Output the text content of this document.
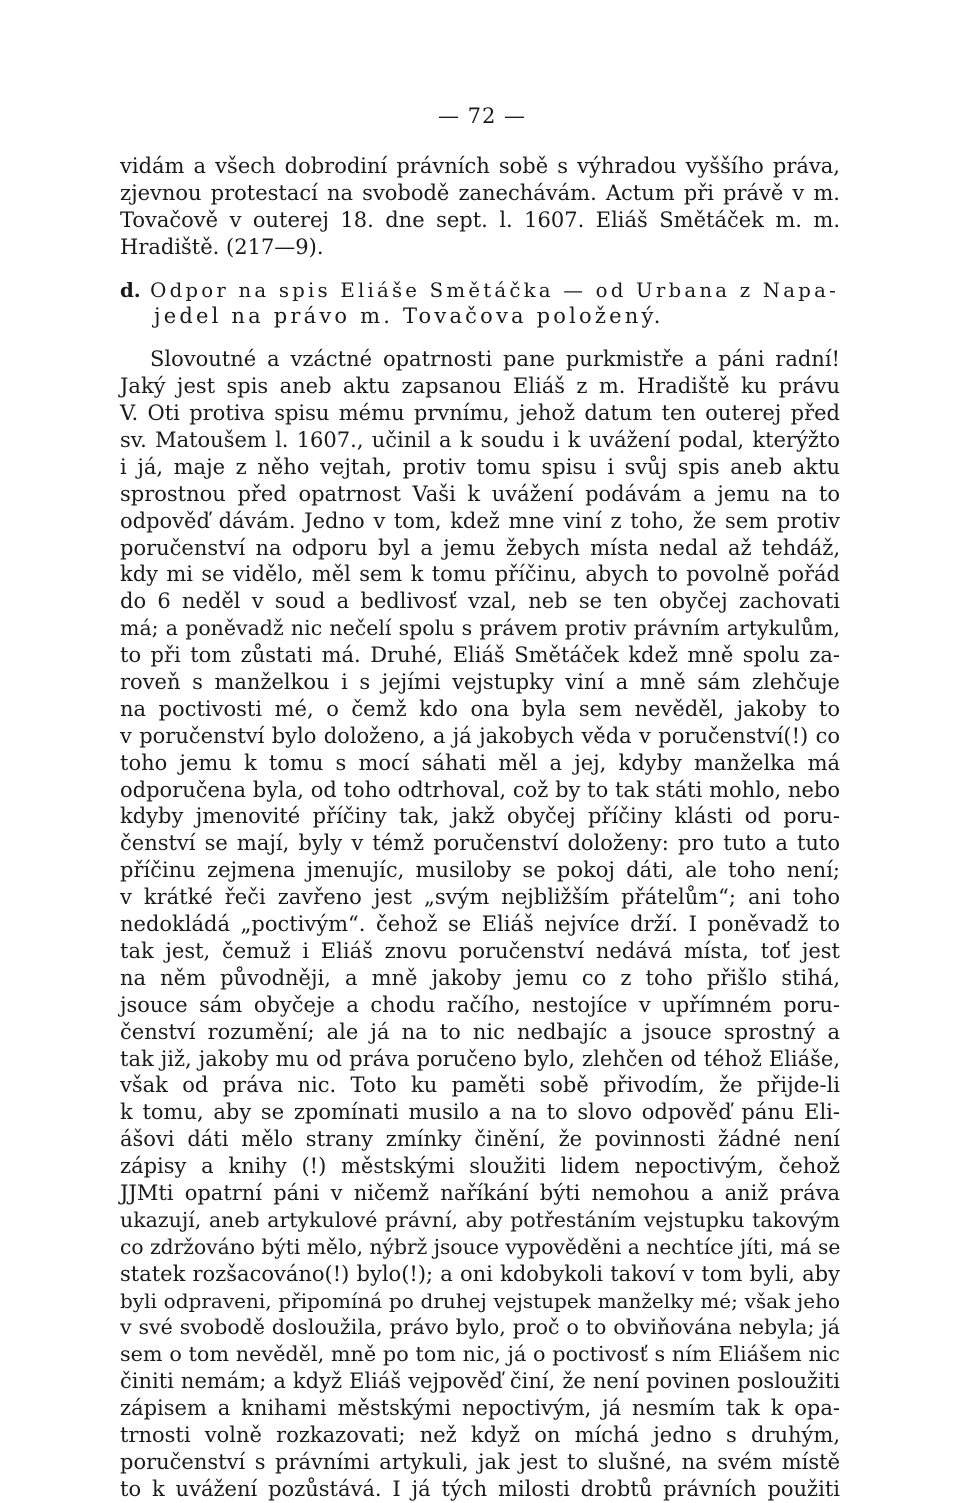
— 72 —
vidám a všech dobrodiní právních sobě s výhradou vyššího práva,
zjevnou protestací na svobodě zanechávám. Actum při právě v m.
Tovačově v outerej 18. dne sept. l. 1607. Eliáš Smětáček m. m.
Hradiště. (217—9).
d. Odpor na spis Eliáše Smětáčka — od Urbana z Napa-
jedel na právo m. Tovačova položený.
Slovoutné a vzáctné opatrnosti pane purkmistře a páni radní!
Jaký jest spis aneb aktu zapsanou Eliáš z m. Hradiště ku právu
V. Oti protiva spisu mému prvnímu, jehož datum ten outerej před
sv. Matoušem l. 1607., učinil a k soudu i k uvážení podal, kterýžto
i já, maje z něho vejtah, protiv tomu spisu i svůj spis aneb aktu
sprostnou před opatrnost Vaši k uvážení podávám a jemu na to
odpověď dávám. Jedno v tom, kdež mne viní z toho, že sem protiv
poručenství na odporu byl a jemu žebych místa nedal až tehdáž,
kdy mi se vidělo, měl sem k tomu příčinu, abych to povolně pořád
do 6 neděl v soud a bedlivosť vzal, neb se ten obyčej zachovati
má; a poněvadž nic nečelí spolu s právem protiv právním artykulům,
to při tom zůstati má. Druhé, Eliáš Smětáček kdež mně spolu za-
roveň s manželkou i s jejími vejstupky viní a mně sám zlehčuje
na poctivosti mé, o čemž kdo ona byla sem nevěděl, jakoby to
v poručenství bylo doloženo, a já jakobych věda v poručenství(!) co
toho jemu k tomu s mocí sáhati měl a jej, kdyby manželka má
odporučena byla, od toho odtrhoval, což by to tak státi mohlo, nebo
kdyby jmenovité příčiny tak, jakž obyčej příčiny klásti od poru-
čenství se mají, byly v témž poručenství doloženy: pro tuto a tuto
příčinu zejmena jmenujíc, musiloby se pokoj dáti, ale toho není;
v krátké řeči zavřeno jest „svým nejbližším přátelům“; ani toho
nedokládá „poctivým“. čehož se Eliáš nejvíce drží. I poněvadž to
tak jest, čemuž i Eliáš znovu poručenství nedává místa, toť jest
na něm původněji, a mně jakoby jemu co z toho přišlo stihá,
jsouce sám obyčeje a chodu račího, nestojíce v upřímném poru-
čenství rozumění; ale já na to nic nedbajíc a jsouce sprostný a
tak již, jakoby mu od práva poručeno bylo, zlehčen od téhož Eliáše,
však od práva nic. Toto ku paměti sobě přivodím, že přijde-li
k tomu, aby se zpomínati musilo a na to slovo odpověď pánu Eli-
ášovi dáti mělo strany zmínky činění, že povinnosti žádné není
zápisy a knihy (!) městskými sloužiti lidem nepoctivým, čehož
JJMti opatrní páni v ničemž naříkání býti nemohou a aniž práva
ukazují, aneb artykulové právní, aby potřestáním vejstupku takovým
co zdržováno býti mělo, nýbrž jsouce vypověděni a nechtíce jíti, má se
statek rozšacováno(!) bylo(!); a oni kdobykoli takoví v tom byli, aby
byli odpraveni, připomíná po druhej vejstupek manželky mé; však jeho
v své svobodě dosloužila, právo bylo, proč o to obviňována nebyla; já
sem o tom nevěděl, mně po tom nic, já o poctivosť s ním Eliášem nic
činiti nemám; a když Eliáš vejpověď činí, že není povinen posloužiti
zápisem a knihami městskými nepoctivým, já nesmím tak k opa-
trnosti volně rozkazovati; než když on míchá jedno s druhým,
poručenství s právními artykuli, jak jest to slušné, na svém místě
to k uvážení pozůstává. I já tých milosti drobtů právních použiti
